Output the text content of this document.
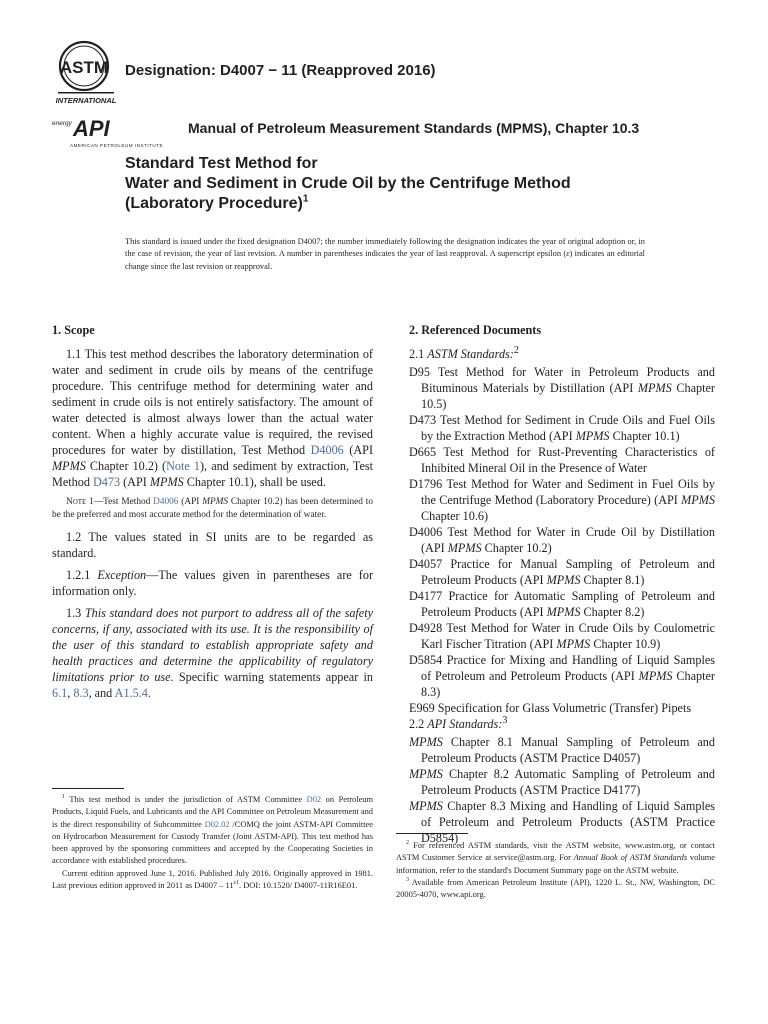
ASTM
INTERNATIONAL
energy API
AMERICAN PETROLEUM INSTITUTE
Designation: D4007 − 11 (Reapproved 2016)
Manual of Petroleum Measurement Standards (MPMS), Chapter 10.3
Standard Test Method for
Water and Sediment in Crude Oil by the Centrifuge Method
(Laboratory Procedure)$^1$
This standard is issued under the fixed designation D4007; the number immediately following the designation indicates the year of original adoption or, in the case of revision, the year of last revision. A number in parentheses indicates the year of last reapproval. A superscript epsilon (ε) indicates an editorial change since the last revision or reapproval.

1. Scope

1.1 This test method describes the laboratory determination of water and sediment in crude oils by means of the centrifuge procedure. This centrifuge method for determining water and sediment in crude oils is not entirely satisfactory. The amount of water detected is almost always lower than the actual water content. When a highly accurate value is required, the revised procedures for water by distillation, Test Method D4006 (API MPMS Chapter 10.2) (Note 1), and sediment by extraction, Test Method D473 (API MPMS Chapter 10.1), shall be used.

Note 1—Test Method D4006 (API MPMS Chapter 10.2) has been determined to be the preferred and most accurate method for the determination of water.

1.2 The values stated in SI units are to be regarded as standard.

1.2.1 Exception—The values given in parentheses are for information only.

1.3 This standard does not purport to address all of the safety concerns, if any, associated with its use. It is the responsibility of the user of this standard to establish appropriate safety and health practices and determine the applicability of regulatory limitations prior to use. Specific warning statements appear in 6.1, 8.3, and A1.5.4.

2. Referenced Documents

2.1 ASTM Standards:$^2$

D95 Test Method for Water in Petroleum Products and Bituminous Materials by Distillation (API MPMS Chapter 10.5)

D473 Test Method for Sediment in Crude Oils and Fuel Oils by the Extraction Method (API MPMS Chapter 10.1)

D665 Test Method for Rust-Preventing Characteristics of Inhibited Mineral Oil in the Presence of Water

D1796 Test Method for Water and Sediment in Fuel Oils by the Centrifuge Method (Laboratory Procedure) (API MPMS Chapter 10.6)

D4006 Test Method for Water in Crude Oil by Distillation (API MPMS Chapter 10.2)

D4057 Practice for Manual Sampling of Petroleum and Petroleum Products (API MPMS Chapter 8.1)

D4177 Practice for Automatic Sampling of Petroleum and Petroleum Products (API MPMS Chapter 8.2)

D4928 Test Method for Water in Crude Oils by Coulometric Karl Fischer Titration (API MPMS Chapter 10.9)

D5854 Practice for Mixing and Handling of Liquid Samples of Petroleum and Petroleum Products (API MPMS Chapter 8.3)

E969 Specification for Glass Volumetric (Transfer) Pipets

2.2 API Standards:$^3$

MPMS Chapter 8.1 Manual Sampling of Petroleum and Petroleum Products (ASTM Practice D4057)

MPMS Chapter 8.2 Automatic Sampling of Petroleum and Petroleum Products (ASTM Practice D4177)

MPMS Chapter 8.3 Mixing and Handling of Liquid Samples of Petroleum and Petroleum Products (ASTM Practice D5854)

$^1$ This test method is under the jurisdiction of ASTM Committee D02 on Petroleum Products, Liquid Fuels, and Lubricants and the API Committee on Petroleum Measurement and is the direct responsibility of Subcommittee D02.02 /COMQ the joint ASTM-API Committee on Hydrocarbon Measurement for Custody Transfer (Joint ASTM-API). This test method has been approved by the sponsoring committees and accepted by the Cooperating Societies in accordance with established procedures.

Current edition approved June 1, 2016. Published July 2016. Originally approved in 1981. Last previous edition approved in 2011 as $D4007 - 11^{\varepsilon 1}$. DOI: 10.1520/ D4007-11R16E01.

$^2$ For referenced ASTM standards, visit the ASTM website, www.astm.org, or contact ASTM Customer Service at service@astm.org. For Annual Book of ASTM Standards volume information, refer to the standard's Document Summary page on the ASTM website.

$^3$ Available from American Petroleum Institute (API), 1220 L. St., NW, Washington, DC 20005-4070, www.api.org.
